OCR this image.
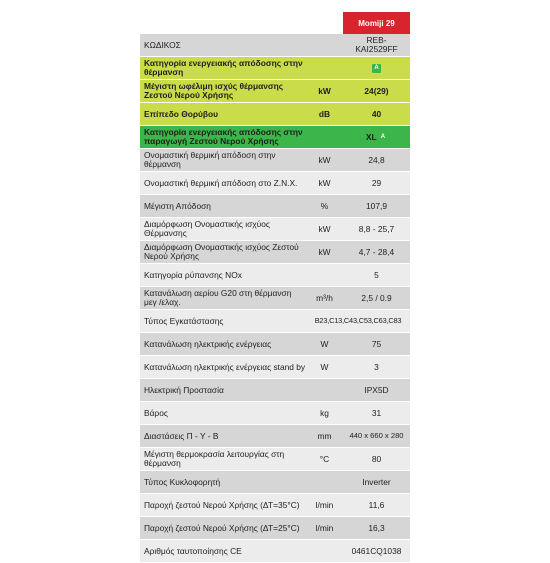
Momiji 29
ΚΩΔΙΚΟΣ	REB-
KAI2529FF
Κατηγορία ενεργειακής απόδοσης στην θέρμανση	A
Μέγιστη ωφέλιμη ισχύς θέρμανσης Ζεστού Νερού Χρήσης	kW	24(29)
Επίπεδο Θορύβου	dB	40
Κατηγορία ενεργειακής απόδοσης στην παραγωγή Ζεστού Νερού Χρήσης	XL A
Ονομαστική θερμική απόδοση στην θέρμανση	kW	24,8
Ονομαστική θερμική απόδοση στο Z.N.X.	kW	29
Μέγιστη Απόδοση	%	107,9
Διαμόρφωση Ονομαστικής ισχύος Θέρμανσης	kW	8,8 - 25,7
Διαμόρφωση Ονομαστικής ισχύος Ζεστού Νερού Χρήσης	kW	4,7 - 28,4
Κατηγορία ρύπανσης NOx	5
Κατανάλωση αερίου G20 στη θέρμανση μεγ /ελαχ.	m³/h	2,5 / 0.9
Τύπος Εγκατάστασης	B23,C13,C43,C53,C63,C83
Κατανάλωση ηλεκτρικής ενέργειας	W	75
Κατανάλωση ηλεκτρικής ενέργειας stand by	W	3
Ηλεκτρική Προστασία	IPX5D
Βάρος	kg	31
Διαστάσεις Π - Υ - Β	mm	440 x 660 x 280
Μέγιστη θερμοκρασία λειτουργίας στη θέρμανση	°C	80
Τύπος Κυκλοφορητή	Inverter
Παροχή ζεστού Νερού Χρήσης (ΔΤ=35°C)	l/min	11,6
Παροχή ζεστού Νερού Χρήσης (ΔΤ=25°C)	l/min	16,3
Αριθμός ταυτοποίησης CE	0461CQ1038
